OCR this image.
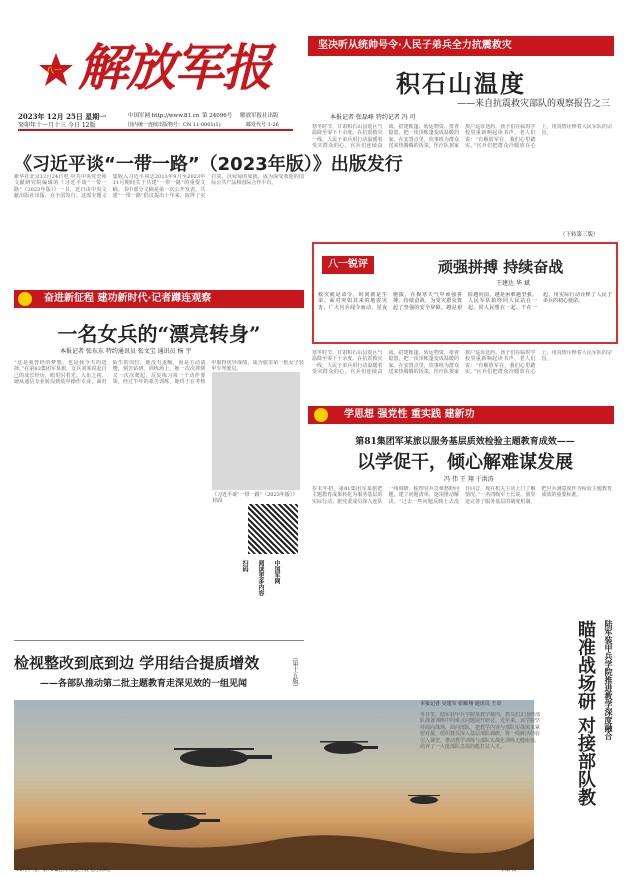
八一 解放军报
2023年 12月 25日 星期一
癸卯年十一月十三 今日 12版
中国军网 http://www.81.cn 第 24096号 解放军报社出版
国内统一连续出版物号：CN 11-0001(1)	邮发代号 1-26
坚决听从统帅号令·人民子弟兵全力抗震救灾
积石山温度
——来自抗震救灾部队的观察报告之三
本报记者 张磊峰 特约记者 冯 可
寒冬时节，甘肃积石山县震区气温降至零下十余度。在抗震救灾一线，人民子弟兵用行动温暖着受灾群众的心。官兵们连续奋战，搭建帐篷、转运物资、排查隐患，把一顶顶帐篷变成温暖的家。在安置点里，炊事班为群众送来热腾腾的饭菜，医疗队挨家挨户巡诊送药。孩子们在临时学校里重新响起读书声，老人们说：“有解放军在，我们心里踏实。”官兵们把群众冷暖放在心上，用真情诠释着人民军队的宗旨。
（下转第三版）
《习近平谈“一带一路”（2023年版）》出版发行
新华社北京12月24日电 中共中央党史和文献研究院编辑的《习近平谈“一带一路”（2023年版）》一书，近日由中央文献出版社出版，在全国发行。这部专题文集收入习近平同志2013年9月至2023年11月期间关于共建“一带一路”的重要文稿。书中部分文稿是第一次公开发表。共建“一带一路”倡议提出十年来，取得了实打实、沉甸甸的成就，成为深受欢迎的国际公共产品和国际合作平台。
奋进新征程 建功新时代·记者蹲连观察
一名女兵的“漂亮转身”
本报记者 张东东 特约通讯员 张文宝 通讯员 杨 宇
“这是我曾经的梦想，也是我今天的选择。”在第83集团军某旅，女兵刘某说起自己的成长经历，眼里闪着光。入伍之初，她从通信专业转岗到装甲操作专业，面对陌生的岗位，她没有退缩，而是主动请缨，刻苦钻研。训练场上，她一次次摔倒又一次次爬起，反复练习每一个动作要领。经过半年的艰苦训练，她终于在考核中取得优异成绩，成为旅里第一批女子装甲车驾驶员。
《习近平谈“一带一路”（2023年版）》 封面
扫码 阅读更多内容 中国军网
八一锐评	顽强拼搏 持续奋战
王建达 华 斌
救灾就是命令，时间就是生命。面对突如其来的地震灾害，广大官兵闻令而动、星夜驰援，在极寒天气中顽强拼搏、持续奋战，为受灾群众筑起了坚强的安全屏障。越是艰险越向前，越是困难越坚强。人民军队始终同人民站在一起，同人民想在一起、干在一起，用实际行动诠释了人民子弟兵的初心使命。
寒冬时节，甘肃积石山县震区气温降至零下十余度。在抗震救灾一线，人民子弟兵用行动温暖着受灾群众的心。官兵们连续奋战，搭建帐篷、转运物资、排查隐患，把一顶顶帐篷变成温暖的家。在安置点里，炊事班为群众送来热腾腾的饭菜，医疗队挨家挨户巡诊送药。孩子们在临时学校里重新响起读书声，老人们说：“有解放军在，我们心里踏实。”官兵们把群众冷暖放在心上，用真情诠释着人民军队的宗旨。
学思想 强党性 重实践 建新功
第81集团军某旅以服务基层质效检验主题教育成效——
以学促干，倾心解难谋发展
冯 伟 王 翔 于洪涛
岁末年初，第81集团军某旅把主题教育成果转化为服务基层的实际行动。旅党委成员深入连队一线调研，梳理官兵急难愁盼问题，建立问题清单，逐项推动解决。“过去一些问题反映上去没有回音，现在机关主动上门了解情况。”一名四级军士长说。旅里还完善了服务基层的制度机制，把官兵满意度作为检验主题教育成效的重要标准。
检视整改到底到边 学用结合提质增效	（第十五版）
——各部队推动第二批主题教育走深见效的一组见闻
12月中旬，第72集团军某旅开展飞行训练。	李康 摄
冬日里，陆军装甲兵学院某教学楼内，教员们正围绕部队战备训练中的难点问题展开研讨。近年来，该学院坚持面向战场、面向部队，把教学内容与部队实战需求紧密对接，组织教员深入基层部队调研，将一线鲜活经验引入课堂，推动教学训练与部队实战化训练无缝衔接，培养了一大批部队急需的能打仗人才。
本报记者 吴建军 张雁翔 通讯员 王奇	陆军装甲兵学院推进教学深度融合
瞄准战场研 对接部队教
